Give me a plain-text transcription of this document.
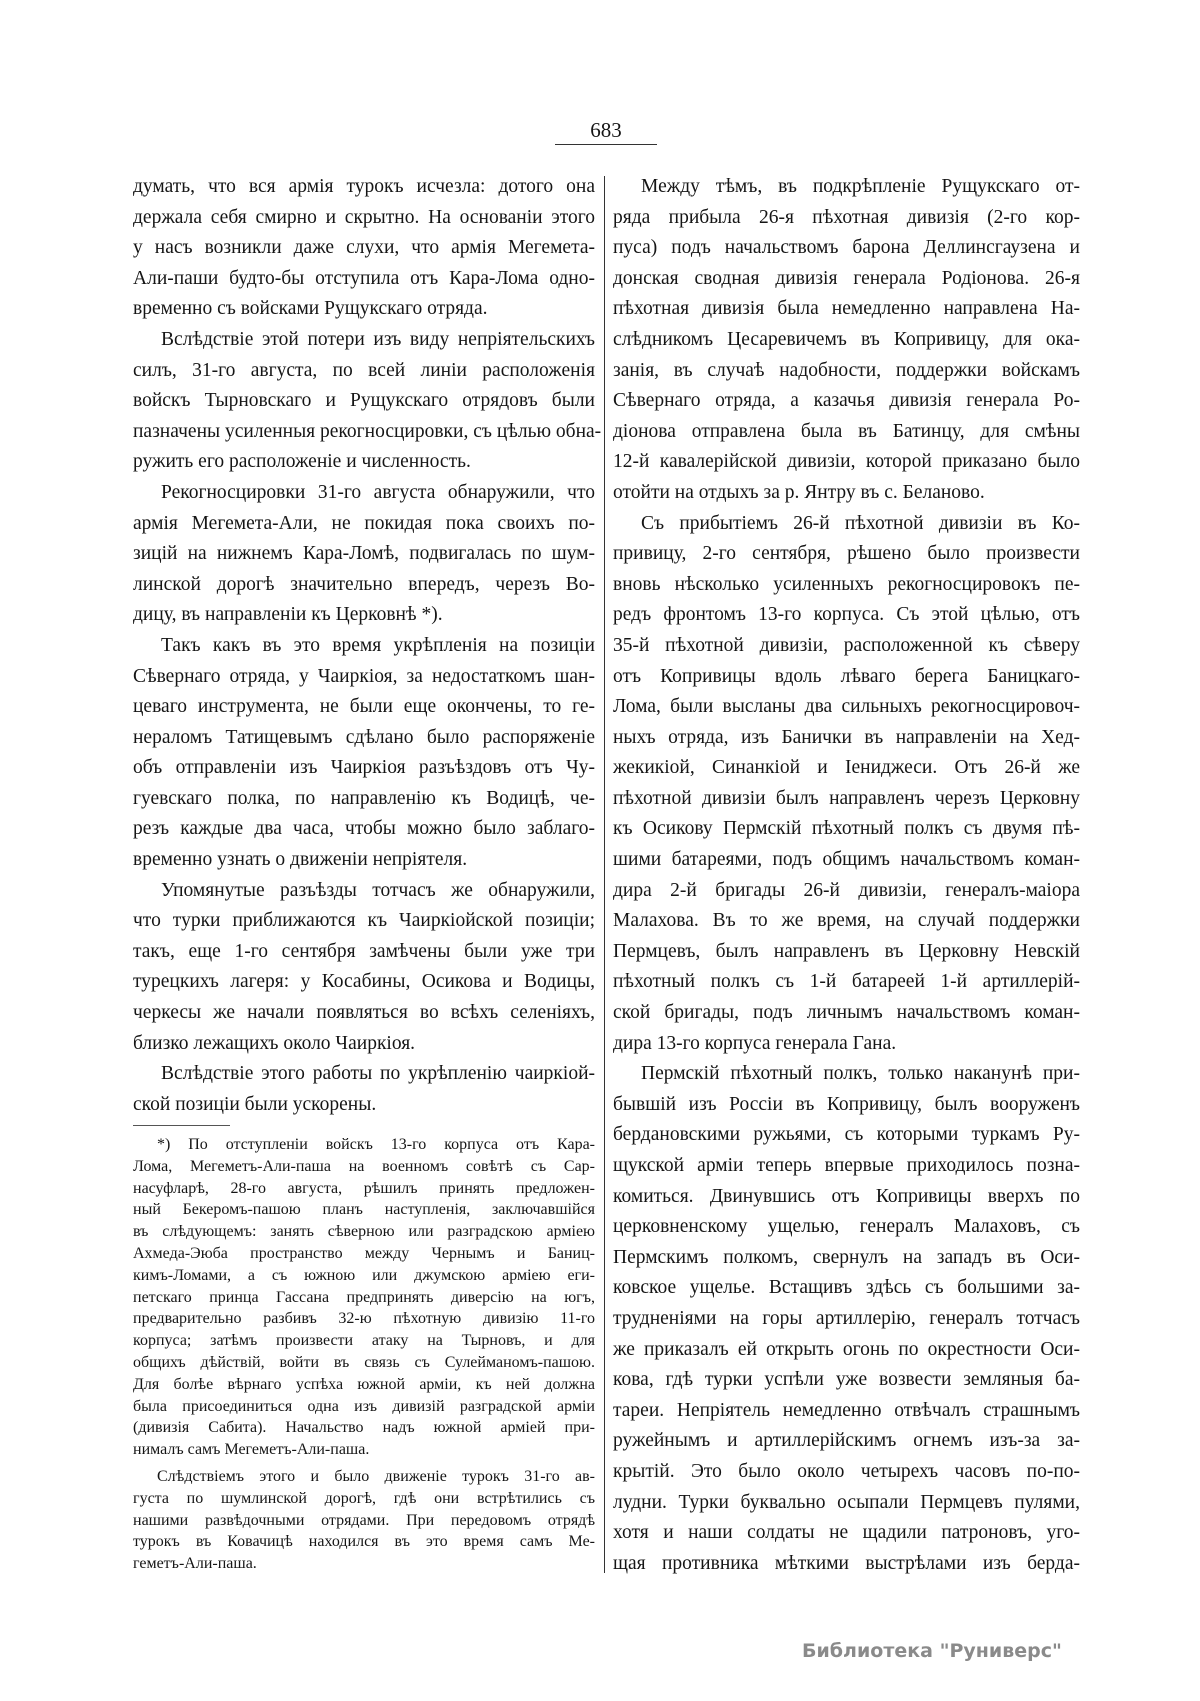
683
думать, что вся армія турокъ исчезла: дотого она
держала себя смирно и скрытно. На основаніи этого
у насъ возникли даже слухи, что армія Мегемета-
Али-паши будто-бы отступила отъ Кара-Лома одно-
временно съ войсками Рущукскаго отряда.
Вслѣдствіе этой потери изъ виду непріятельскихъ
силъ, 31-го августа, по всей линіи расположенія
войскъ Тырновскаго и Рущукскаго отрядовъ были
пазначены усиленныя рекогносцировки, съ цѣлью обна-
ружить его расположеніе и численность.
Рекогносцировки 31-го августа обнаружили, что
армія Мегемета-Али, не покидая пока своихъ по-
зицій на нижнемъ Кара-Ломѣ, подвигалась по шум-
линской дорогѣ значительно впередъ, черезъ Во-
дицу, въ направленіи къ Церковнѣ *).
Такъ какъ въ это время укрѣпленія на позиціи
Сѣвернаго отряда, у Чаиркіоя, за недостаткомъ шан-
цеваго инструмента, не были еще окончены, то ге-
нераломъ Татищевымъ сдѣлано было распоряженіе
объ отправленіи изъ Чаиркіоя разъѣздовъ отъ Чу-
гуевскаго полка, по направленію къ Водицѣ, че-
резъ каждые два часа, чтобы можно было заблаго-
временно узнать о движеніи непріятеля.
Упомянутые разъѣзды тотчасъ же обнаружили,
что турки приближаются къ Чаиркіойской позиціи;
такъ, еще 1-го сентября замѣчены были уже три
турецкихъ лагеря: у Косабины, Осикова и Водицы,
черкесы же начали появляться во всѣхъ селеніяхъ,
близко лежащихъ около Чаиркіоя.
Вслѣдствіе этого работы по укрѣпленію чаиркіой-
ской позиціи были ускорены.
Между тѣмъ, въ подкрѣпленіе Рущукскаго от-
ряда прибыла 26-я пѣхотная дивизія (2-го кор-
пуса) подъ начальствомъ барона Деллинсгаузена и
донская сводная дивизія генерала Родіонова. 26-я
пѣхотная дивизія была немедленно направлена На-
слѣдникомъ Цесаревичемъ въ Копривицу, для ока-
занія, въ случаѣ надобности, поддержки войскамъ
Сѣвернаго отряда, а казачья дивизія генерала Ро-
діонова отправлена была въ Батинцу, для смѣны
12-й кавалерійской дивизіи, которой приказано было
отойти на отдыхъ за р. Янтру въ с. Беланово.
Съ прибытіемъ 26-й пѣхотной дивизіи въ Ко-
привицу, 2-го сентября, рѣшено было произвести
вновь нѣсколько усиленныхъ рекогносцировокъ пе-
редъ фронтомъ 13-го корпуса. Съ этой цѣлью, отъ
35-й пѣхотной дивизіи, расположенной къ сѣверу
отъ Копривицы вдоль лѣваго берега Баницкаго-
Лома, были высланы два сильныхъ рекогносцировоч-
ныхъ отряда, изъ Банички въ направленіи на Хед-
жекикіой, Синанкіой и Іениджеси. Отъ 26-й же
пѣхотной дивизіи былъ направленъ черезъ Церковну
къ Осикову Пермскій пѣхотный полкъ съ двумя пѣ-
шими батареями, подъ общимъ начальствомъ коман-
дира 2-й бригады 26-й дивизіи, генералъ-маіора
Малахова. Въ то же время, на случай поддержки
Пермцевъ, былъ направленъ въ Церковну Невскій
пѣхотный полкъ съ 1-й батареей 1-й артиллерій-
ской бригады, подъ личнымъ начальствомъ коман-
дира 13-го корпуса генерала Гана.
Пермскій пѣхотный полкъ, только наканунѣ при-
бывшій изъ Россіи въ Копривицу, былъ вооруженъ
бердановскими ружьями, съ которыми туркамъ Ру-
щукской арміи теперь впервые приходилось позна-
комиться. Двинувшись отъ Копривицы вверхъ по
церковненскому ущелью, генералъ Малаховъ, съ
Пермскимъ полкомъ, свернулъ на западъ въ Оси-
ковское ущелье. Встащивъ здѣсь съ большими за-
трудненіями на горы артиллерію, генералъ тотчасъ
же приказалъ ей открыть огонь по окрестности Оси-
кова, гдѣ турки успѣли уже возвести земляныя ба-
тареи. Непріятель немедленно отвѣчалъ страшнымъ
ружейнымъ и артиллерійскимъ огнемъ изъ-за за-
крытій. Это было около четырехъ часовъ по-по-
лудни. Турки буквально осыпали Пермцевъ пулями,
хотя и наши солдаты не щадили патроновъ, уго-
щая противника мѣткими выстрѣлами изъ берда-
*) По отступленіи войскъ 13-го корпуса отъ Кара-
Лома, Мегеметъ-Али-паша на военномъ совѣтѣ съ Сар-
насуфларѣ, 28-го августа, рѣшилъ принять предложен-
ный Бекеромъ-пашою планъ наступленія, заключавшійся
въ слѣдующемъ: занять сѣверною или разградскою арміею
Ахмеда-Эюба пространство между Чернымъ и Баниц-
кимъ-Ломами, а съ южною или джумскою арміею еги-
петскаго принца Гассана предпринять диверсію на югъ,
предварительно разбивъ 32-ю пѣхотную дивизію 11-го
корпуса; затѣмъ произвести атаку на Тырновъ, и для
общихъ дѣйствій, войти въ связь съ Сулейманомъ-пашою.
Для болѣе вѣрнаго успѣха южной арміи, къ ней должна
была присоединиться одна изъ дивизій разградской арміи
(дивизія Сабита). Начальство надъ южной арміей при-
нималъ самъ Мегеметъ-Али-паша.
Слѣдствіемъ этого и было движеніе турокъ 31-го ав-
густа по шумлинской дорогѣ, гдѣ они встрѣтились съ
нашими развѣдочными отрядами. При передовомъ отрядѣ
турокъ въ Ковачицѣ находился въ это время самъ Ме-
геметъ-Али-паша.
Библиотека "Руниверс"
